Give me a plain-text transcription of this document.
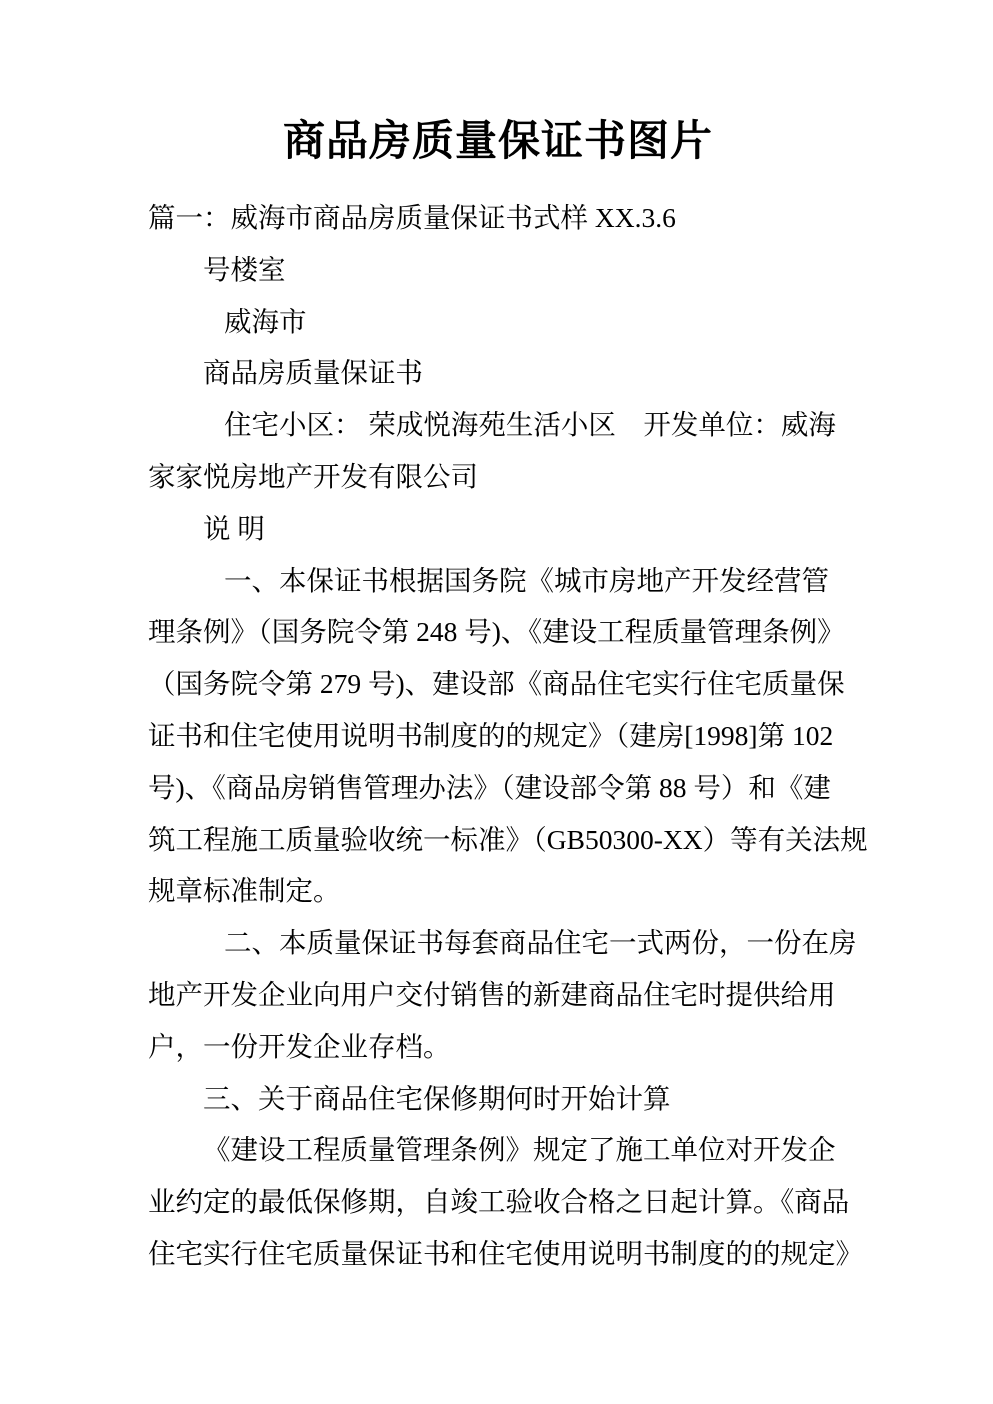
商品房质量保证书图片
篇一：威海市商品房质量保证书式样 XX.3.6
号楼室
威海市
商品房质量保证书
住宅小区： 荣成悦海苑生活小区　开发单位：威海
家家悦房地产开发有限公司
说 明
一、本保证书根据国务院《城市房地产开发经营管
理条例》（国务院令第 248 号)、《建设工程质量管理条例》
（国务院令第 279 号)、建设部《商品住宅实行住宅质量保
证书和住宅使用说明书制度的的规定》（建房[1998]第 102
号)、《商品房销售管理办法》（建设部令第 88 号）和《建
筑工程施工质量验收统一标准》（GB50300-XX）等有关法规
规章标准制定。
二、本质量保证书每套商品住宅一式两份，一份在房
地产开发企业向用户交付销售的新建商品住宅时提供给用
户，一份开发企业存档。
三、关于商品住宅保修期何时开始计算
《建设工程质量管理条例》规定了施工单位对开发企
业约定的最低保修期，自竣工验收合格之日起计算。《商品
住宅实行住宅质量保证书和住宅使用说明书制度的的规定》
